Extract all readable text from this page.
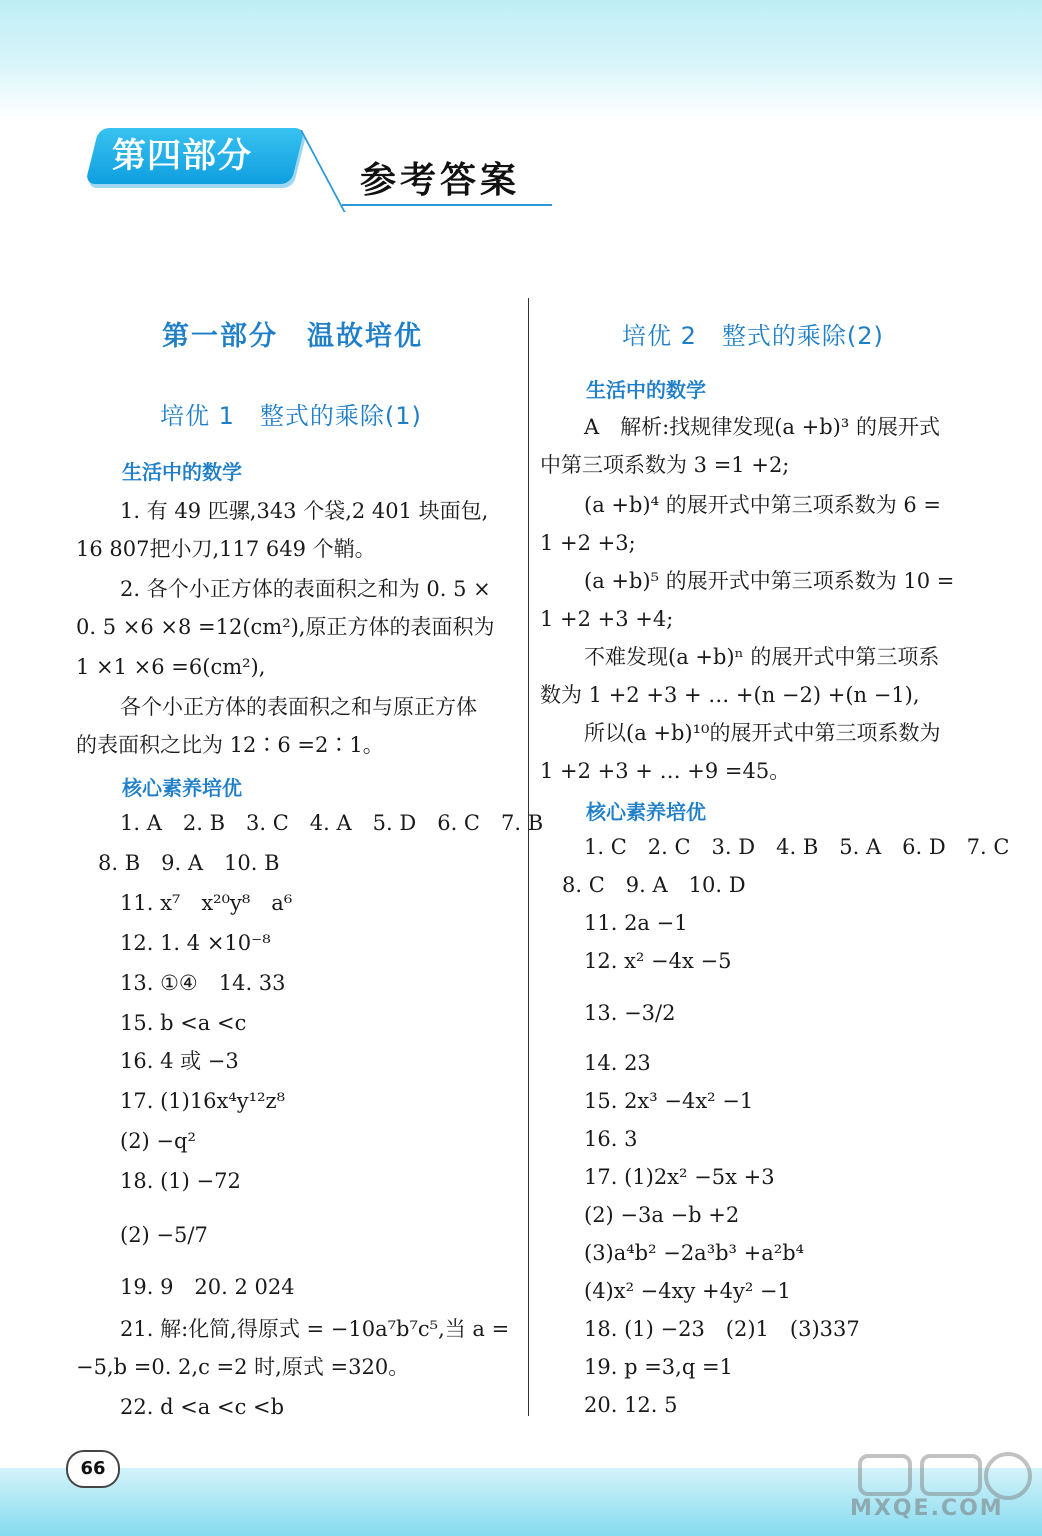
第四部分
参考答案
第一部分　温故培优
培优 1　整式的乘除(1)
生活中的数学
1. 有 49 匹骡,343 个袋,2 401 块面包,
16 807把小刀,117 649 个鞘。
2. 各个小正方体的表面积之和为 0. 5 ×
0. 5 ×6 ×8 =12(cm²),原正方体的表面积为
1 ×1 ×6 =6(cm²),
各个小正方体的表面积之和与原正方体
的表面积之比为 12∶6 =2∶1。
核心素养培优
1. A　2. B　3. C　4. A　5. D　6. C　7. B
8. B　9. A　10. B
11. x⁷　x²⁰y⁸　a⁶
12. 1. 4 ×10⁻⁸
13. ①④　14. 33
15. b <a <c
16. 4 或 −3
17. (1)16x⁴y¹²z⁸
(2) −q²
18. (1) −72
(2) −5/7
19. 9　20. 2 024
21. 解:化简,得原式 = −10a⁷b⁷c⁵,当 a =
−5,b =0. 2,c =2 时,原式 =320。
22. d <a <c <b
培优 2　整式的乘除(2)
生活中的数学
A　解析:找规律发现(a +b)³ 的展开式
中第三项系数为 3 =1 +2;
(a +b)⁴ 的展开式中第三项系数为 6 =
1 +2 +3;
(a +b)⁵ 的展开式中第三项系数为 10 =
1 +2 +3 +4;
不难发现(a +b)ⁿ 的展开式中第三项系
数为 1 +2 +3 + … +(n −2) +(n −1),
所以(a +b)¹⁰的展开式中第三项系数为
1 +2 +3 + … +9 =45。
核心素养培优
1. C　2. C　3. D　4. B　5. A　6. D　7. C
8. C　9. A　10. D
11. 2a −1
12. x² −4x −5
13. −3/2
14. 23
15. 2x³ −4x² −1
16. 3
17. (1)2x² −5x +3
(2) −3a −b +2
(3)a⁴b² −2a³b³ +a²b⁴
(4)x² −4xy +4y² −1
18. (1) −23　(2)1　(3)337
19. p =3,q =1
20. 12. 5
66
MXQE.COM
